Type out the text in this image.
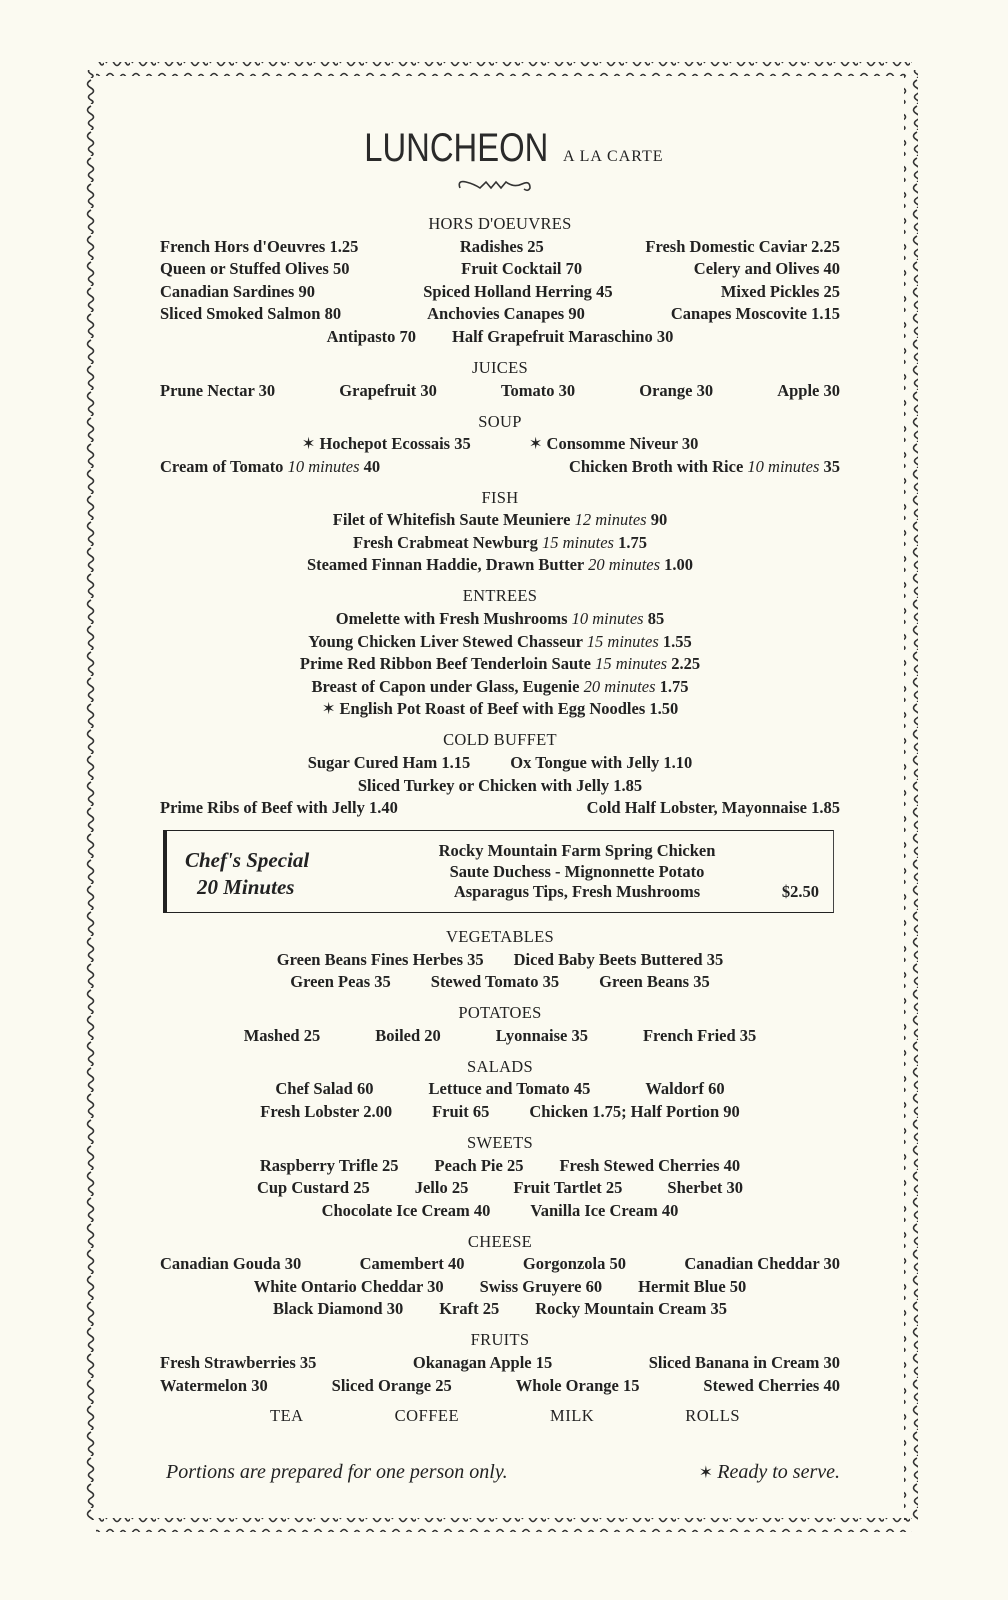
LUNCHEON A LA CARTE
HORS D'OEUVRES
French Hors d'Oeuvres 1.25	Radishes 25	Fresh Domestic Caviar 2.25
Queen or Stuffed Olives 50	Fruit Cocktail 70	Celery and Olives 40
Canadian Sardines 90	Spiced Holland Herring 45	Mixed Pickles 25
Sliced Smoked Salmon 80	Anchovies Canapes 90	Canapes Moscovite 1.15
Antipasto 70 Half Grapefruit Maraschino 30
JUICES
Prune Nectar 30	Grapefruit 30	Tomato 30	Orange 30	Apple 30
SOUP
✶ Hochepot Ecossais 35	✶ Consomme Niveur 30
Cream of Tomato 10 minutes 40	Chicken Broth with Rice 10 minutes 35
FISH
Filet of Whitefish Saute Meuniere 12 minutes 90
Fresh Crabmeat Newburg 15 minutes 1.75
Steamed Finnan Haddie, Drawn Butter 20 minutes 1.00
ENTREES
Omelette with Fresh Mushrooms 10 minutes 85
Young Chicken Liver Stewed Chasseur 15 minutes 1.55
Prime Red Ribbon Beef Tenderloin Saute 15 minutes 2.25
Breast of Capon under Glass, Eugenie 20 minutes 1.75
✶ English Pot Roast of Beef with Egg Noodles 1.50
COLD BUFFET
Sugar Cured Ham 1.15 Ox Tongue with Jelly 1.10
Sliced Turkey or Chicken with Jelly 1.85
Prime Ribs of Beef with Jelly 1.40	Cold Half Lobster, Mayonnaise 1.85
Chef's Special
20 Minutes
Rocky Mountain Farm Spring Chicken
Saute Duchess - Mignonnette Potato
Asparagus Tips, Fresh Mushrooms	$2.50
VEGETABLES
Green Beans Fines Herbes 35 Diced Baby Beets Buttered 35
Green Peas 35 Stewed Tomato 35 Green Beans 35
POTATOES
Mashed 25	Boiled 20	Lyonnaise 35	French Fried 35
SALADS
Chef Salad 60	Lettuce and Tomato 45	Waldorf 60
Fresh Lobster 2.00 Fruit 65 Chicken 1.75; Half Portion 90
SWEETS
Raspberry Trifle 25 Peach Pie 25 Fresh Stewed Cherries 40
Cup Custard 25	Jello 25	Fruit Tartlet 25	Sherbet 30
Chocolate Ice Cream 40 Vanilla Ice Cream 40
CHEESE
Canadian Gouda 30	Camembert 40	Gorgonzola 50	Canadian Cheddar 30
White Ontario Cheddar 30 Swiss Gruyere 60 Hermit Blue 50
Black Diamond 30 Kraft 25 Rocky Mountain Cream 35
FRUITS
Fresh Strawberries 35	Okanagan Apple 15	Sliced Banana in Cream 30
Watermelon 30	Sliced Orange 25	Whole Orange 15	Stewed Cherries 40
TEA	COFFEE	MILK	ROLLS
Portions are prepared for one person only.	✶ Ready to serve.
